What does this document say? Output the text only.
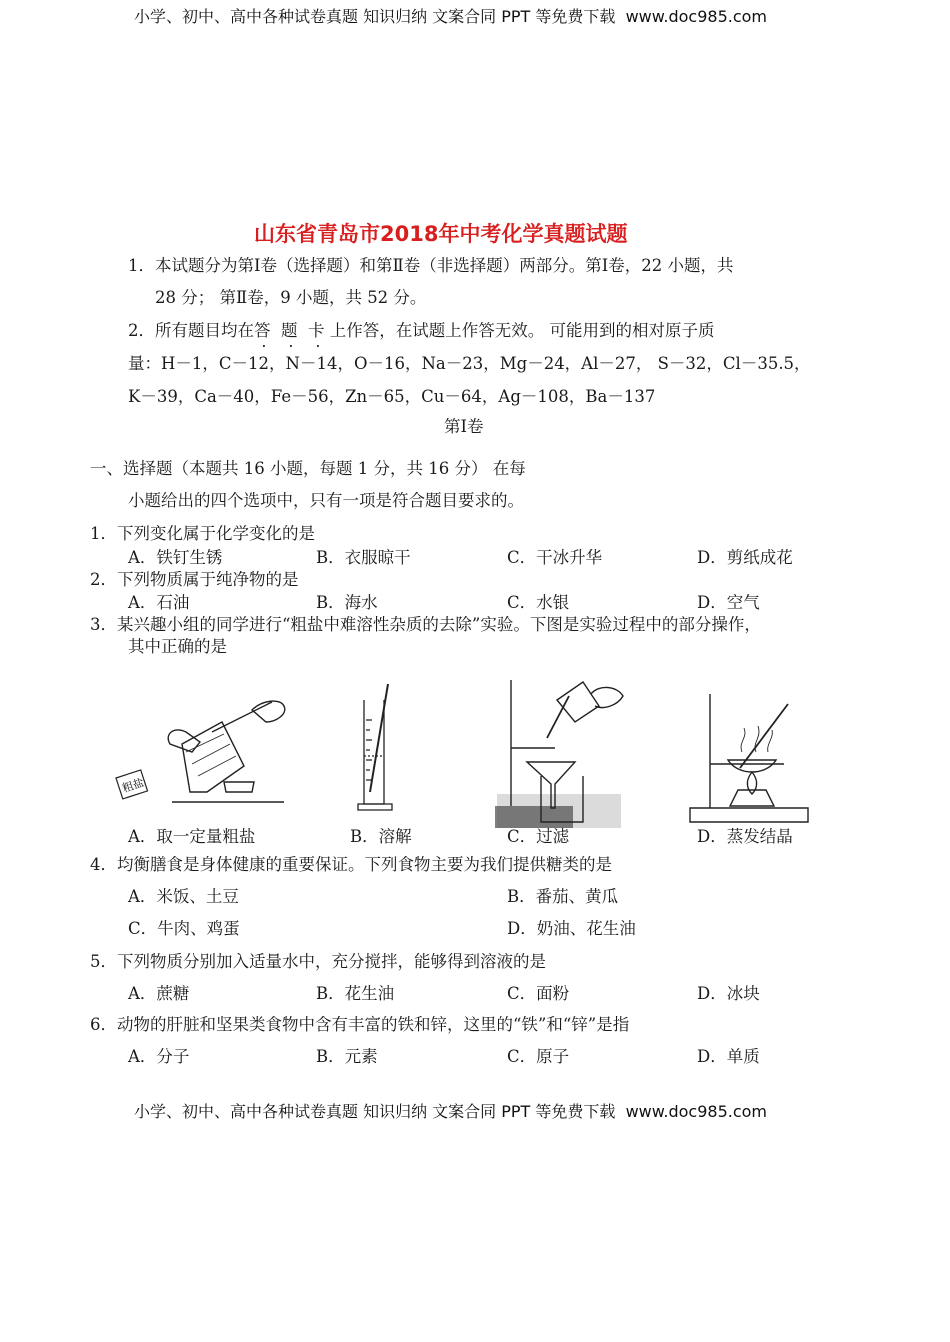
小学、初中、高中各种试卷真题 知识归纳 文案合同 PPT 等免费下载 www.doc985.com
山东省青岛市2018年中考化学真题试题
1．本试题分为第Ⅰ卷（选择题）和第Ⅱ卷（非选择题）两部分。第Ⅰ卷，22 小题，共
28 分； 第Ⅱ卷，9 小题，共 52 分。
2．所有题目均在答 题 卡 上作答，在试题上作答无效。 可能用到的相对原子质
量：H－1，C－12，N－14，O－16，Na－23，Mg－24，Al－27， S－32，Cl－35.5，
K－39，Ca－40，Fe－56，Zn－65，Cu－64，Ag－108，Ba－137
第Ⅰ卷
一、选择题（本题共 16 小题，每题 1 分，共 16 分） 在每
小题给出的四个选项中，只有一项是符合题目要求的。
1．下列变化属于化学变化的是
A．铁钉生锈	B．衣服晾干	C．干冰升华	D．剪纸成花
2．下列物质属于纯净物的是
A．石油	B．海水	C．水银	D．空气
3．某兴趣小组的同学进行“粗盐中难溶性杂质的去除”实验。下图是实验过程中的部分操作，
其中正确的是
粗盐
A．取一定量粗盐	B．溶解	C．过滤	D．蒸发结晶
4．均衡膳食是身体健康的重要保证。下列食物主要为我们提供糖类的是
A．米饭、土豆	B．番茄、黄瓜
C．牛肉、鸡蛋	D．奶油、花生油
5．下列物质分别加入适量水中，充分搅拌，能够得到溶液的是
A．蔗糖	B．花生油	C．面粉	D．冰块
6．动物的肝脏和坚果类食物中含有丰富的铁和锌，这里的“铁”和“锌”是指
A．分子	B．元素	C．原子	D．单质
小学、初中、高中各种试卷真题 知识归纳 文案合同 PPT 等免费下载 www.doc985.com
